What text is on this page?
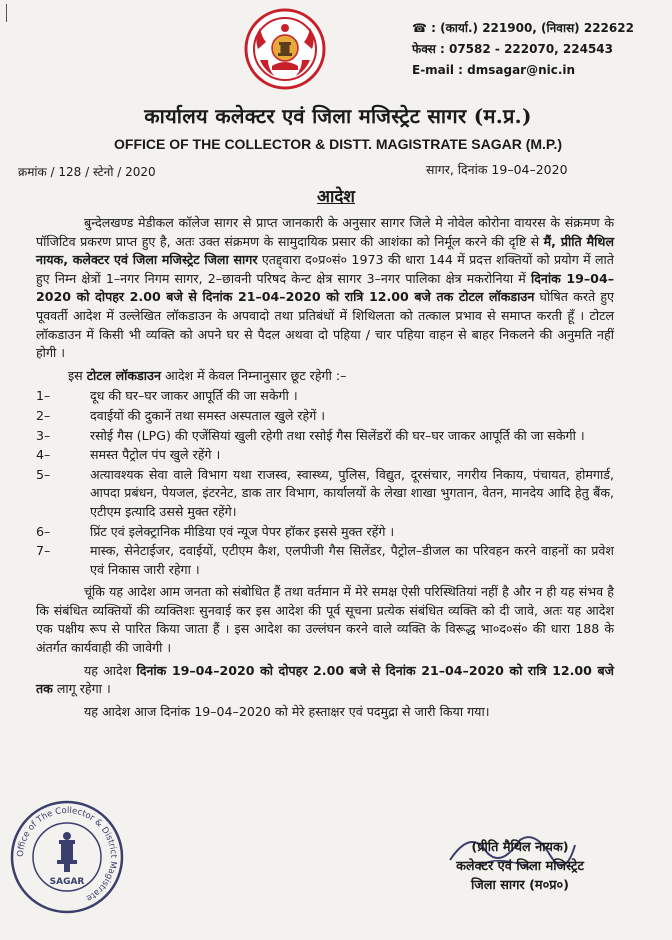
☎ : (कार्या.) 221900, (निवास) 222622
फेक्स : 07582 - 222070, 224543
E-mail : dmsagar@nic.in
कार्यालय कलेक्टर एवं जिला मजिस्ट्रेट सागर (म.प्र.)
OFFICE OF THE COLLECTOR & DISTT. MAGISTRATE SAGAR (M.P.)
क्रमांक / 128 / स्टेनो / 2020	सागर, दिनांक 19–04–2020
आदेश

बुन्देलखण्ड मेडीकल कॉलेज सागर से प्राप्त जानकारी के अनुसार सागर जिले मे नोवेल कोरोना वायरस के संक्रमण के पॉजिटिव प्रकरण प्राप्त हुए है, अतः उक्त संक्रमण के सामुदायिक प्रसार की आशंका को निर्मूल करने की दृष्टि से मैं, प्रीति मैथिल नायक, कलेक्टर एवं जिला मजिस्ट्रेट जिला सागर एतद्द्वारा द०प्र०सं० 1973 की धारा 144 में प्रदत्त शक्तियों को प्रयोग में लाते हुए निम्न क्षेत्रों 1–नगर निगम सागर, 2–छावनी परिषद केन्ट क्षेत्र सागर 3–नगर पालिका क्षेत्र मकरोनिया में दिनांक 19–04–2020 को दोपहर 2.00 बजे से दिनांक 21–04–2020 को रात्रि 12.00 बजे तक टोटल लॉकडाउन घोषित करते हुए पूववर्ती आदेश में उल्लेखित लॉकडाउन के अपवादो तथा प्रतिबंधों में शिथिलता को तत्काल प्रभाव से समाप्त करती हूँ । टोटल लॉकडाउन में किसी भी व्यक्ति को अपने घर से पैदल अथवा दो पहिया / चार पहिया वाहन से बाहर निकलने की अनुमति नहीं होगी ।

इस टोटल लॉकडाउन आदेश में केवल निम्नानुसार छूट रहेगी :–
1–	दूध की घर–घर जाकर आपूर्ति की जा सकेगी ।
2–	दवाईयों की दुकानें तथा समस्त अस्पताल खुले रहेगें ।
3–	रसोई गैस (LPG) की एजेंसियां खुली रहेगी तथा रसोई गैस सिलेंडरों की घर–घर जाकर आपूर्ति की जा सकेगी ।
4–	समस्त पैट्रोल पंप खुले रहेंगे ।
5–	अत्यावश्यक सेवा वाले विभाग यथा राजस्व, स्वास्थ्य, पुलिस, विद्युत, दूरसंचार, नगरीय निकाय, पंचायत, होमगार्ड, आपदा प्रबंधन, पेयजल, इंटरनेट, डाक तार विभाग, कार्यालयों के लेखा शाखा भुगतान, वेतन, मानदेय आदि हेतु बैंक, एटीएम इत्यादि उससे मुक्त रहेंगे।
6–	प्रिंट एवं इलेक्ट्रानिक मीडिया एवं न्यूज पेपर हॉकर इससे मुक्त रहेंगे ।
7–	मास्क, सेनेटाईजर, दवाईयों, एटीएम कैश, एलपीजी गैस सिलेंडर, पैट्रोल–डीजल का परिवहन करने वाहनों का प्रवेश एवं निकास जारी रहेगा ।

चूंकि यह आदेश आम जनता को संबोधित हैं तथा वर्तमान में मेरे समक्ष ऐसी परिस्थितियां नहीं है और न ही यह संभव है कि संबंधित व्यक्तियों की व्यक्तिशः सुनवाई कर इस आदेश की पूर्व सूचना प्रत्येक संबंधित व्यक्ति को दी जावे, अतः यह आदेश एक पक्षीय रूप से पारित किया जाता हैं । इस आदेश का उल्लंघन करने वाले व्यक्ति के विरूद्ध भा०द०सं० की धारा 188 के अंतर्गत कार्यवाही की जावेगी ।

यह आदेश दिनांक 19–04–2020 को दोपहर 2.00 बजे से दिनांक 21–04–2020 को रात्रि 12.00 बजे तक लागू रहेगा ।

यह आदेश आज दिनांक 19–04–2020 को मेरे हस्ताक्षर एवं पदमुद्रा से जारी किया गया।

(प्रीति मैथिल नायक)
कलेक्टर एवं जिला मजिस्ट्रेट
जिला सागर (म०प्र०)
Office of The Collector & District Magistrate
SAGAR
